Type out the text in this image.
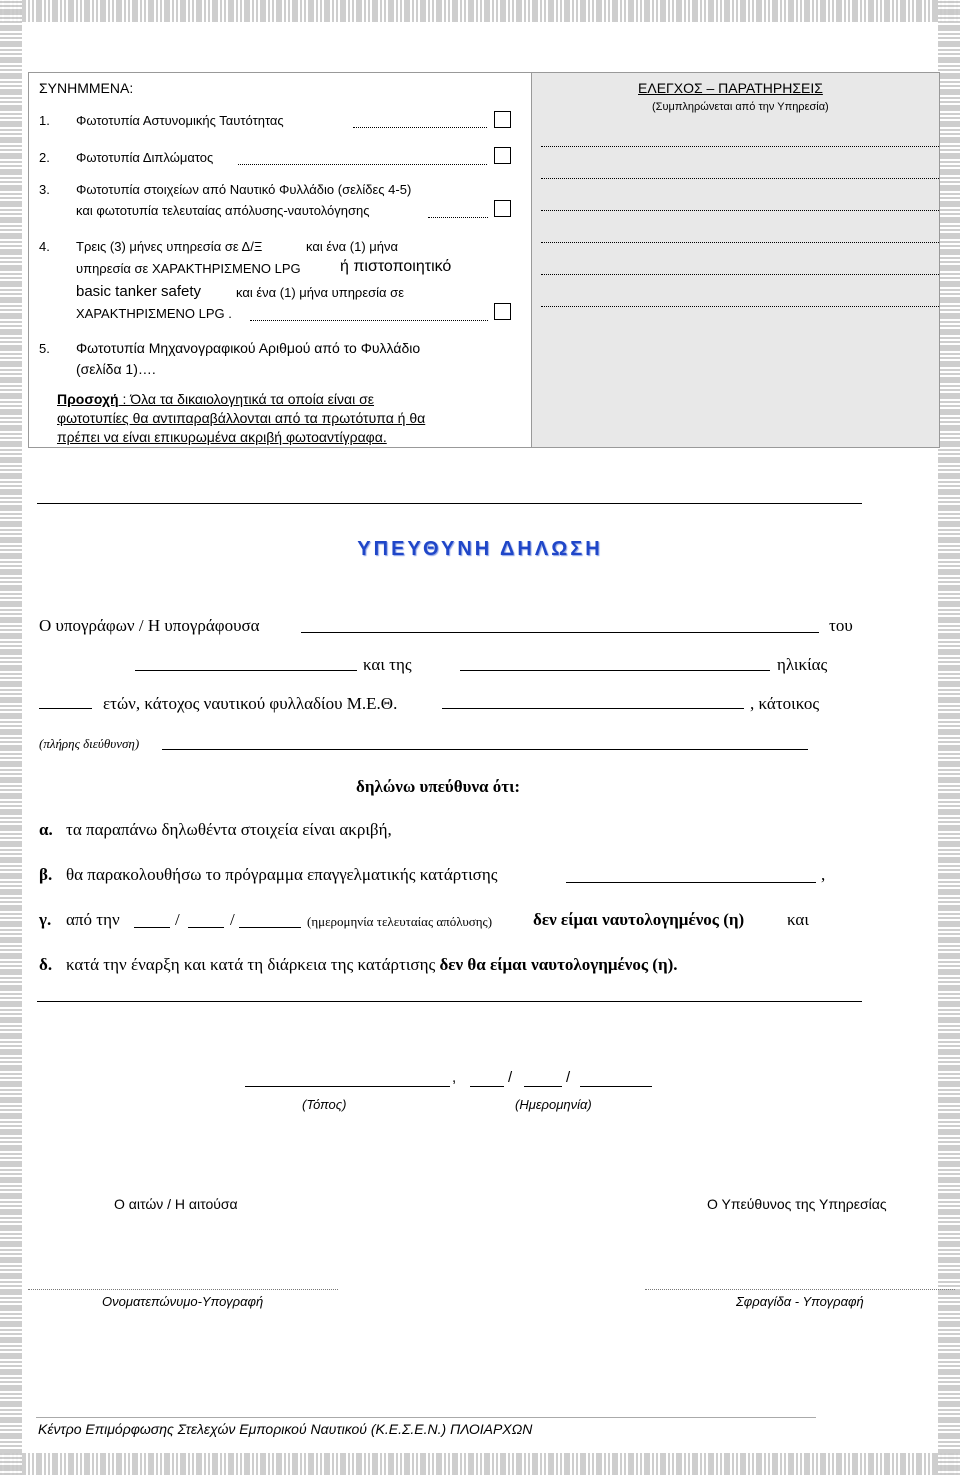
ΣΥΝΗΜΜΕΝΑ:
1. Φωτοτυπία Αστυνομικής Ταυτότητας
2. Φωτοτυπία Διπλώματος
3. Φωτοτυπία στοιχείων από Ναυτικό Φυλλάδιο (σελίδες 4-5)
και φωτοτυπία τελευταίας απόλυσης-ναυτολόγησης
4. Τρεις (3) μήνες υπηρεσία σε Δ/Ξ	και ένα (1) μήνα
υπηρεσία σε ΧΑΡΑΚΤΗΡΙΣΜΕΝΟ LPG ή πιστοποιητικό
basic tanker safety	και ένα (1) μήνα υπηρεσία σε
ΧΑΡΑΚΤΗΡΙΣΜΕΝΟ LPG .
5. Φωτοτυπία Μηχανογραφικού Αριθμού από το Φυλλάδιο
(σελίδα 1)….
Προσοχή : Όλα τα δικαιολογητικά τα οποία είναι σε
φωτοτυπίες θα αντιπαραβάλλονται από τα πρωτότυπα ή θα
πρέπει να είναι επικυρωμένα ακριβή φωτοαντίγραφα.
ΕΛΕΓΧΟΣ – ΠΑΡΑΤΗΡΗΣΕΙΣ
(Συμπληρώνεται από την Υπηρεσία)
ΥΠΕΥΘΥΝΗ ΔΗΛΩΣΗ
Ο υπογράφων / Η υπογράφουσα	του
και της	ηλικίας
ετών, κάτοχος ναυτικού φυλλαδίου Μ.Ε.Θ.	, κάτοικος
(πλήρης διεύθυνση)
δηλώνω υπεύθυνα ότι:
α. τα παραπάνω δηλωθέντα στοιχεία είναι ακριβή,
β. θα παρακολουθήσω το πρόγραμμα επαγγελματικής κατάρτισης	,
γ. από την	/	/	(ημερομηνία τελευταίας απόλυσης) δεν είμαι ναυτολογημένος (η)	και
δ. κατά την έναρξη και κατά τη διάρκεια της κατάρτισης δεν θα είμαι ναυτολογημένος (η).
,	/	/
(Τόπος)	(Ημερομηνία)
Ο αιτών / Η αιτούσα	Ο Υπεύθυνος της Υπηρεσίας
Ονοματεπώνυμο-Υπογραφή	Σφραγίδα - Υπογραφή
Κέντρο Επιμόρφωσης Στελεχών Εμπορικού Ναυτικού (Κ.Ε.Σ.Ε.Ν.) ΠΛΟΙΑΡΧΩΝ
